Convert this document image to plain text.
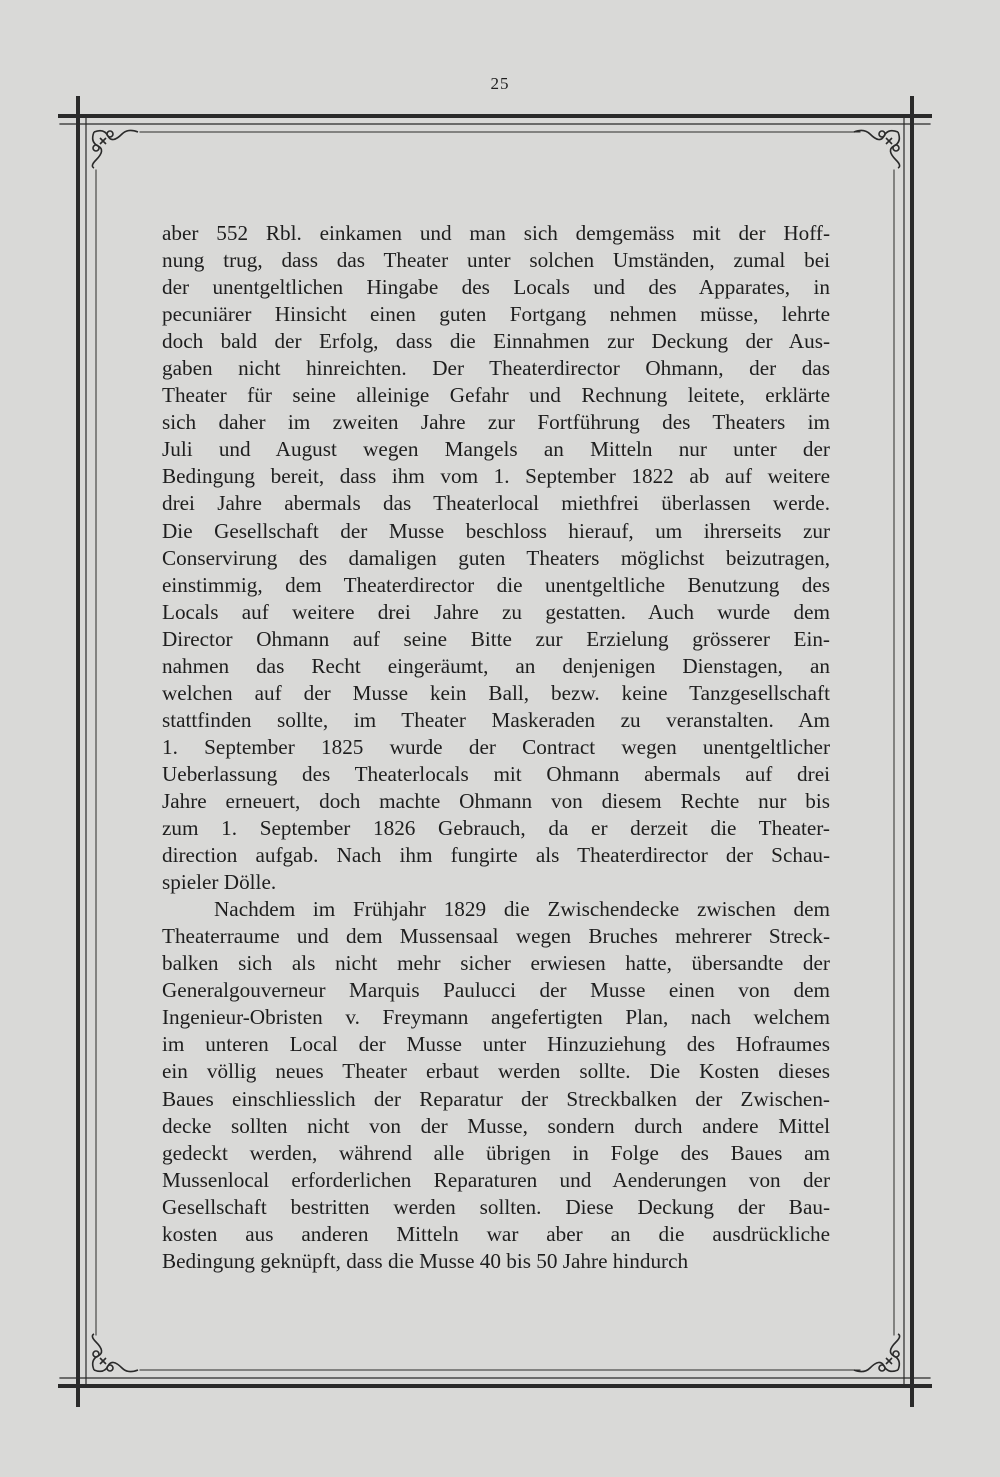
25
aber 552 Rbl. einkamen und man sich demgemäss mit der Hoff-
nung trug, dass das Theater unter solchen Umständen, zumal bei
der unentgeltlichen Hingabe des Locals und des Apparates, in
pecuniärer Hinsicht einen guten Fortgang nehmen müsse, lehrte
doch bald der Erfolg, dass die Einnahmen zur Deckung der Aus-
gaben nicht hinreichten. Der Theaterdirector Ohmann, der das
Theater für seine alleinige Gefahr und Rechnung leitete, erklärte
sich daher im zweiten Jahre zur Fortführung des Theaters im
Juli und August wegen Mangels an Mitteln nur unter der
Bedingung bereit, dass ihm vom 1. September 1822 ab auf weitere
drei Jahre abermals das Theaterlocal miethfrei überlassen werde.
Die Gesellschaft der Musse beschloss hierauf, um ihrerseits zur
Conservirung des damaligen guten Theaters möglichst beizutragen,
einstimmig, dem Theaterdirector die unentgeltliche Benutzung des
Locals auf weitere drei Jahre zu gestatten. Auch wurde dem
Director Ohmann auf seine Bitte zur Erzielung grösserer Ein-
nahmen das Recht eingeräumt, an denjenigen Dienstagen, an
welchen auf der Musse kein Ball, bezw. keine Tanzgesellschaft
stattfinden sollte, im Theater Maskeraden zu veranstalten. Am
1. September 1825 wurde der Contract wegen unentgeltlicher
Ueberlassung des Theaterlocals mit Ohmann abermals auf drei
Jahre erneuert, doch machte Ohmann von diesem Rechte nur bis
zum 1. September 1826 Gebrauch, da er derzeit die Theater-
direction aufgab. Nach ihm fungirte als Theaterdirector der Schau-
spieler Dölle.
Nachdem im Frühjahr 1829 die Zwischendecke zwischen dem
Theaterraume und dem Mussensaal wegen Bruches mehrerer Streck-
balken sich als nicht mehr sicher erwiesen hatte, übersandte der
Generalgouverneur Marquis Paulucci der Musse einen von dem
Ingenieur-Obristen v. Freymann angefertigten Plan, nach welchem
im unteren Local der Musse unter Hinzuziehung des Hofraumes
ein völlig neues Theater erbaut werden sollte. Die Kosten dieses
Baues einschliesslich der Reparatur der Streckbalken der Zwischen-
decke sollten nicht von der Musse, sondern durch andere Mittel
gedeckt werden, während alle übrigen in Folge des Baues am
Mussenlocal erforderlichen Reparaturen und Aenderungen von der
Gesellschaft bestritten werden sollten. Diese Deckung der Bau-
kosten aus anderen Mitteln war aber an die ausdrückliche
Bedingung geknüpft, dass die Musse 40 bis 50 Jahre hindurch
